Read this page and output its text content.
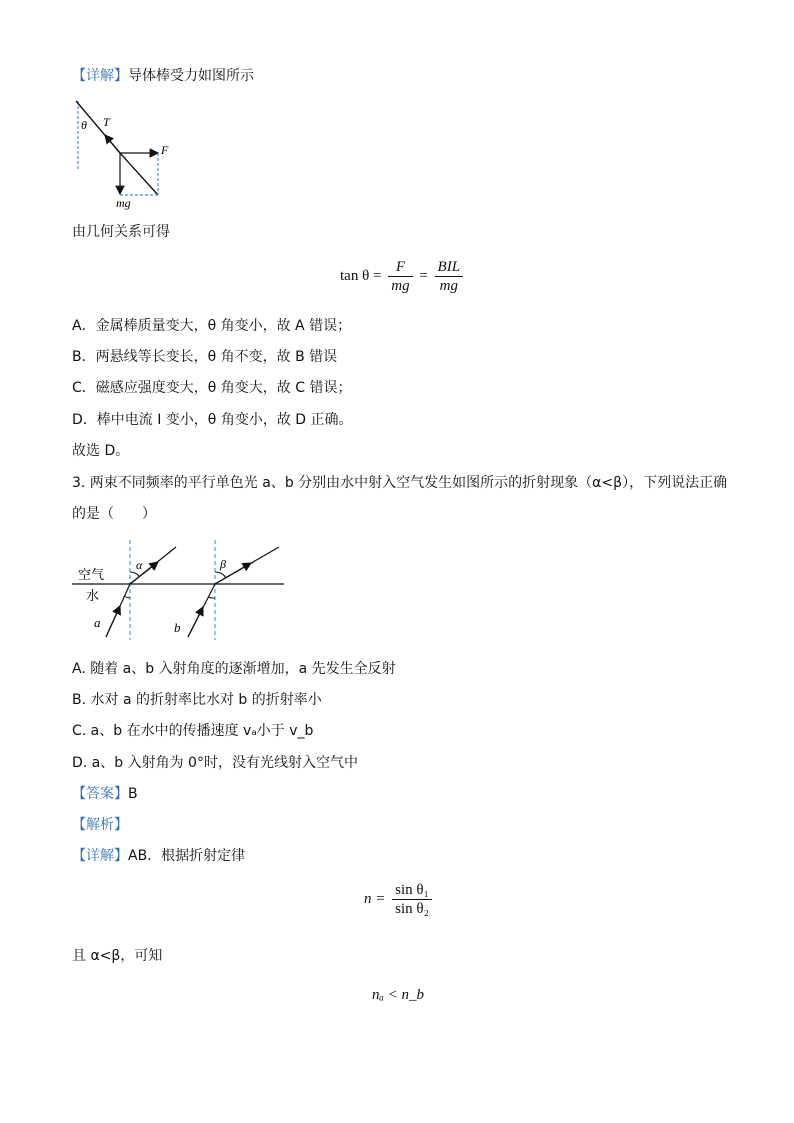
【详解】导体棒受力如图所示
θ T
F
mg
由几何关系可得
$\tan \theta = \frac{F}{mg} = \frac{\text{BIL}}{mg}$
A．金属棒质量变大，θ 角变小，故 A 错误；
B．两悬线等长变长，θ 角不变，故 B 错误
C．磁感应强度变大，θ 角变大，故 C 错误；
D．棒中电流 I 变小，θ 角变小，故 D 正确。
故选 D。
3. 两束不同频率的平行单色光 a、b 分别由水中射入空气发生如图所示的折射现象（α<β），下列说法正确
的是（　　）
空气
水
α	β
a	b
A. 随着 a、b 入射角度的逐渐增加，a 先发生全反射
B. 水对 a 的折射率比水对 b 的折射率小
C. a、b 在水中的传播速度 vₐ小于 v_b
D. a、b 入射角为 0°时，没有光线射入空气中
【答案】B
【解析】
【详解】AB．根据折射定律
$n = \frac{\text{sin θ₁}}{\text{sin θ₂}}$
且 α<β，可知
nₐ < n_b
